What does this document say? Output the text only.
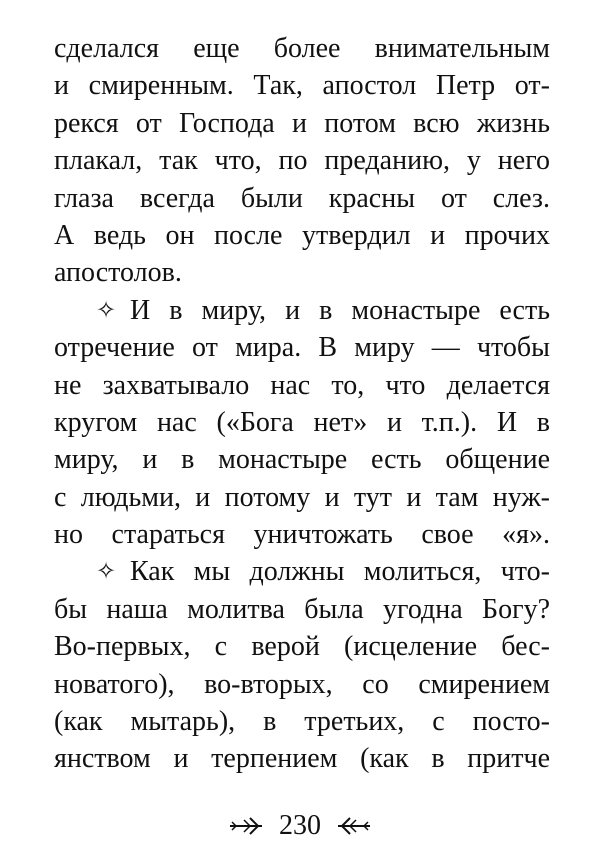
сделался еще более внимательным
и смиренным. Так, апостол Петр от-
рекся от Господа и потом всю жизнь
плакал, так что, по преданию, у него
глаза всегда были красны от слез.
А ведь он после утвердил и прочих
апостолов.
✧ И в миру, и в монастыре есть
отречение от мира. В миру — чтобы
не захватывало нас то, что делается
кругом нас («Бога нет» и т.п.). И в
миру, и в монастыре есть общение
с людьми, и потому и тут и там нуж-
но стараться уничтожать свое «я».
✧ Как мы должны молиться, что-
бы наша молитва была угодна Богу?
Во-первых, с верой (исцеление бес-
новатого), во-вторых, со смирением
(как мытарь), в третьих, с посто-
янством и терпением (как в притче
230
